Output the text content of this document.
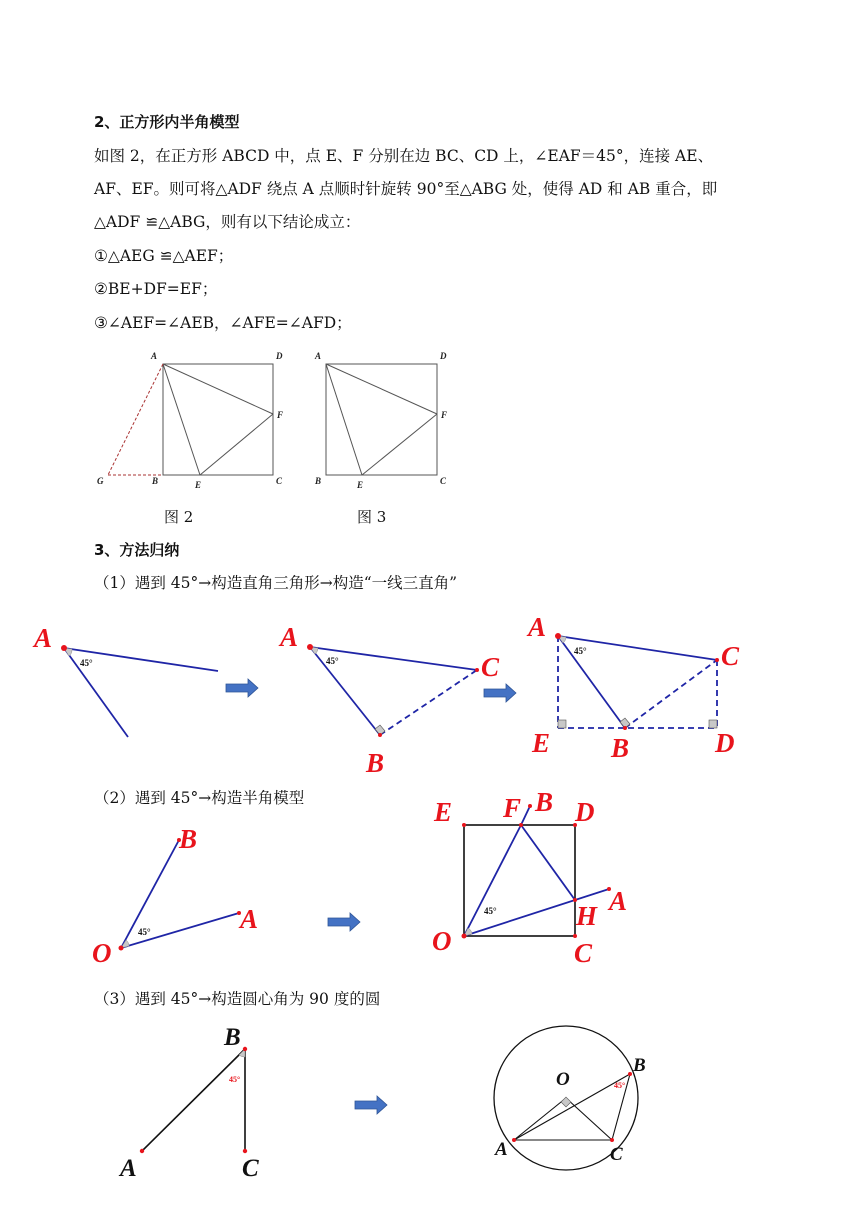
2、正方形内半角模型
如图 2，在正方形 ABCD 中，点 E、F 分别在边 BC、CD 上，∠EAF＝45°，连接 AE、
AF、EF。则可将△ADF 绕点 A 点顺时针旋转 90°至△ABG 处，使得 AD 和 AB 重合，即
△ADF ≌△ABG，则有以下结论成立：
①△AEG ≌△AEF；
②BE+DF=EF；
③∠AEF=∠AEB，∠AFE=∠AFD；
图 2	图 3
3、方法归纳
（1）遇到 45°→构造直角三角形→构造“一线三直角”
（2）遇到 45°→构造半角模型
（3）遇到 45°→构造圆心角为 90 度的圆
A	D
F
G	B	E	C
A	D
F
B	E	C
A
45°
A
C
B
45°
A
C
E B	D
45°
B
A
O
45°
E F B D
A
H
C
O
45°
B
A	C
45°	O
B
A	C
45°
